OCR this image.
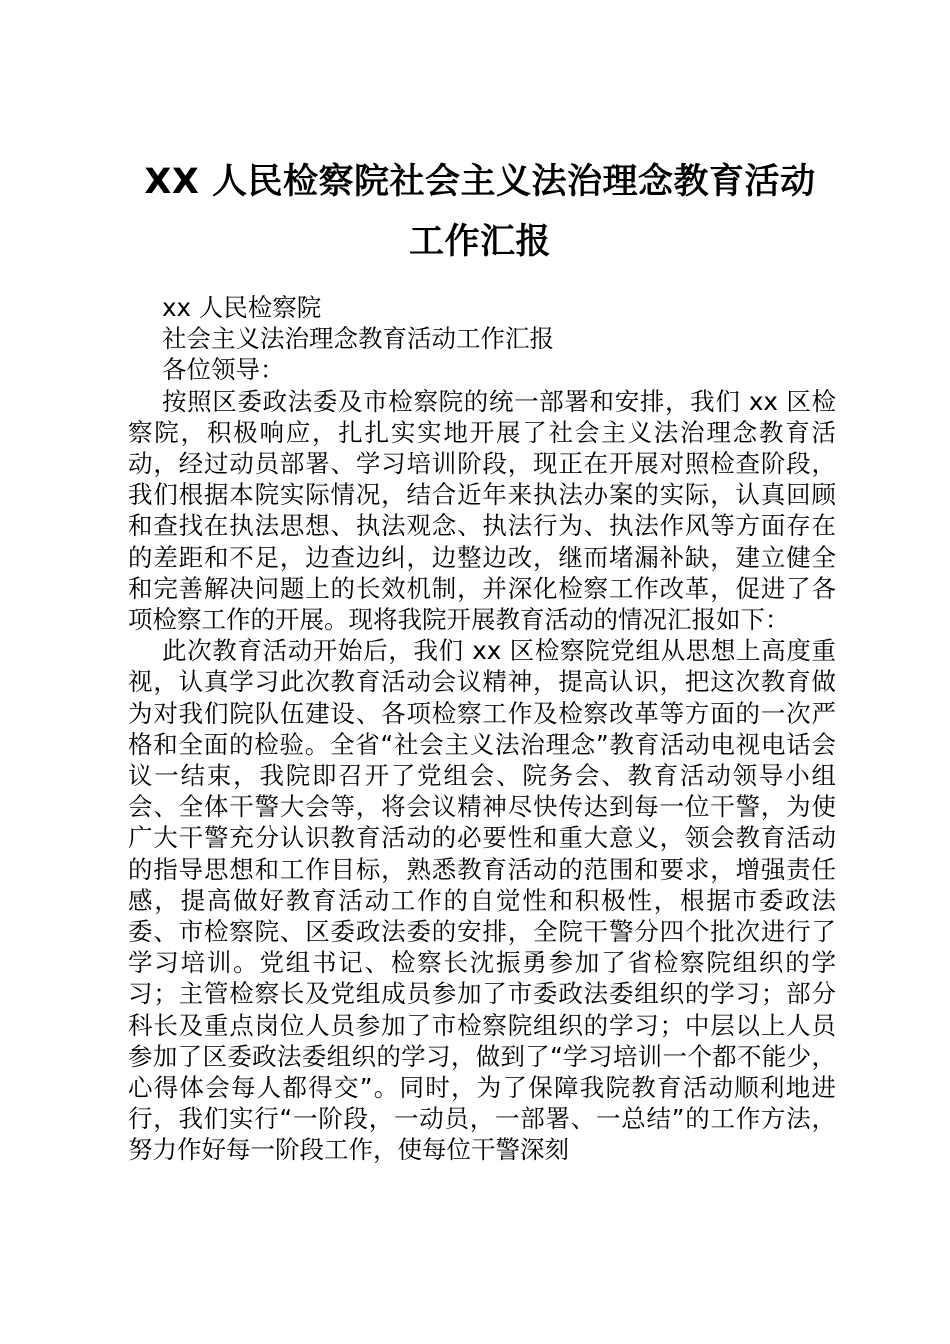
XX 人民检察院社会主义法治理念教育活动工作汇报
xx 人民检察院
社会主义法治理念教育活动工作汇报
各位领导：

按照区委政法委及市检察院的统一部署和安排，我们 xx 区检察院，积极响应，扎扎实实地开展了社会主义法治理念教育活动，经过动员部署、学习培训阶段，现正在开展对照检查阶段，我们根据本院实际情况，结合近年来执法办案的实际，认真回顾和查找在执法思想、执法观念、执法行为、执法作风等方面存在的差距和不足，边查边纠，边整边改，继而堵漏补缺，建立健全和完善解决问题上的长效机制，并深化检察工作改革，促进了各项检察工作的开展。现将我院开展教育活动的情况汇报如下：

此次教育活动开始后，我们 xx 区检察院党组从思想上高度重视，认真学习此次教育活动会议精神，提高认识，把这次教育做为对我们院队伍建设、各项检察工作及检察改革等方面的一次严格和全面的检验。全省“社会主义法治理念”教育活动电视电话会议一结束，我院即召开了党组会、院务会、教育活动领导小组会、全体干警大会等，将会议精神尽快传达到每一位干警，为使广大干警充分认识教育活动的必要性和重大意义，领会教育活动的指导思想和工作目标，熟悉教育活动的范围和要求，增强责任感，提高做好教育活动工作的自觉性和积极性，根据市委政法委、市检察院、区委政法委的安排，全院干警分四个批次进行了学习培训。党组书记、检察长沈振勇参加了省检察院组织的学习；主管检察长及党组成员参加了市委政法委组织的学习；部分科长及重点岗位人员参加了市检察院组织的学习；中层以上人员参加了区委政法委组织的学习，做到了“学习培训一个都不能少，心得体会每人都得交”。同时，为了保障我院教育活动顺利地进行，我们实行“一阶段，一动员，一部署、一总结”的工作方法，努力作好每一阶段工作，使每位干警深刻
